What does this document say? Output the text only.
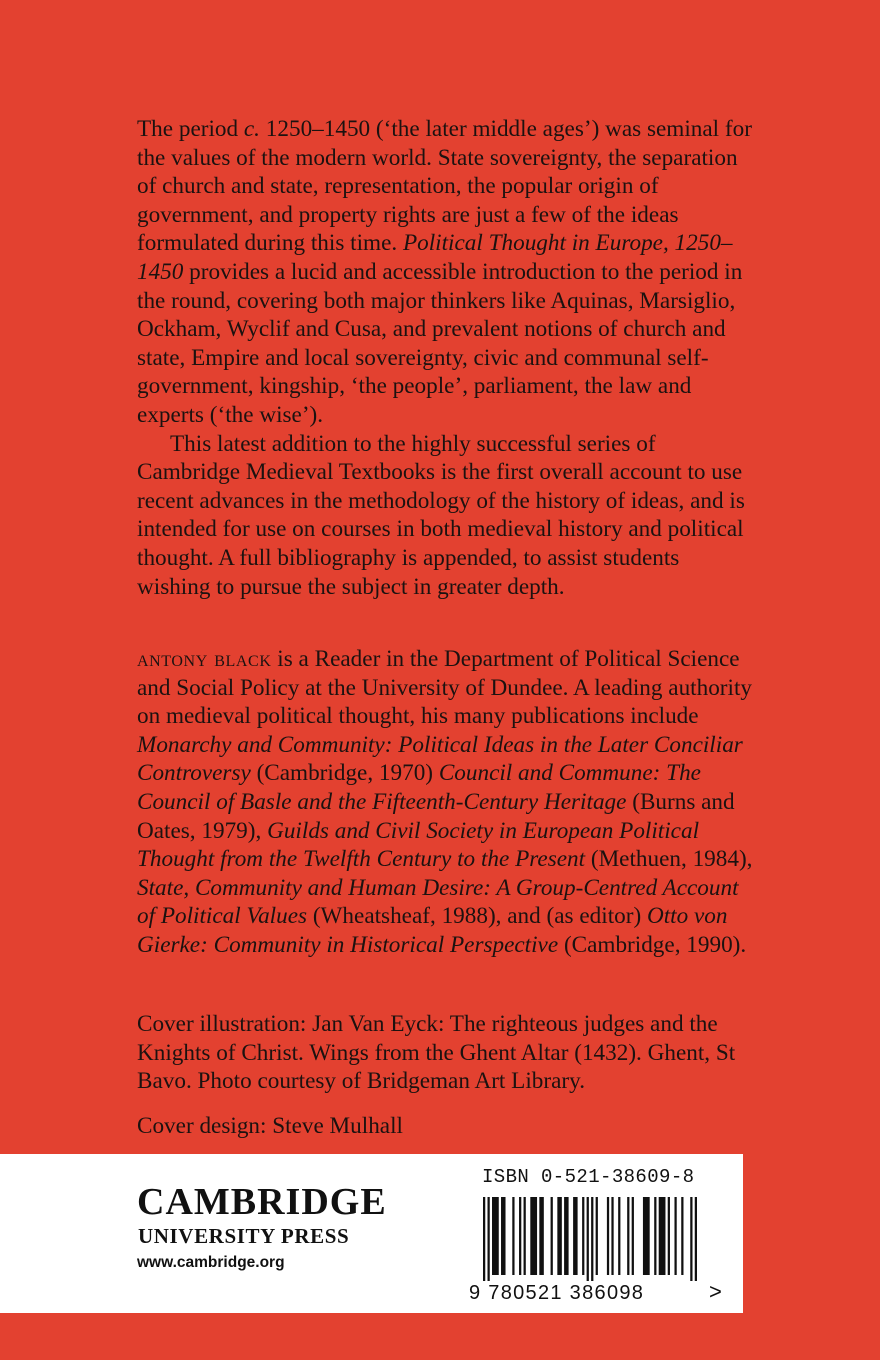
The period c. 1250–1450 (‘the later middle ages’) was seminal for the values of the modern world. State sovereignty, the separation of church and state, representation, the popular origin of government, and property rights are just a few of the ideas formulated during this time. Political Thought in Europe, 1250–1450 provides a lucid and accessible introduction to the period in the round, covering both major thinkers like Aquinas, Marsiglio, Ockham, Wyclif and Cusa, and prevalent notions of church and state, Empire and local sovereignty, civic and communal self-government, kingship, ‘the people’, parliament, the law and experts (‘the wise’).

This latest addition to the highly successful series of Cambridge Medieval Textbooks is the first overall account to use recent advances in the methodology of the history of ideas, and is intended for use on courses in both medieval history and political thought. A full bibliography is appended, to assist students wishing to pursue the subject in greater depth.

antony black is a Reader in the Department of Political Science and Social Policy at the University of Dundee. A leading authority on medieval political thought, his many publications include Monarchy and Community: Political Ideas in the Later Conciliar Controversy (Cambridge, 1970) Council and Commune: The Council of Basle and the Fifteenth-Century Heritage (Burns and Oates, 1979), Guilds and Civil Society in European Political Thought from the Twelfth Century to the Present (Methuen, 1984), State, Community and Human Desire: A Group-Centred Account of Political Values (Wheatsheaf, 1988), and (as editor) Otto von Gierke: Community in Historical Perspective (Cambridge, 1990).

Cover illustration: Jan Van Eyck: The righteous judges and the Knights of Christ. Wings from the Ghent Altar (1432). Ghent, St Bavo. Photo courtesy of Bridgeman Art Library.

Cover design: Steve Mulhall

CAMBRIDGE
UNIVERSITY PRESS
www.cambridge.org
ISBN 0-521-38609-8
9 780521 386098	>
